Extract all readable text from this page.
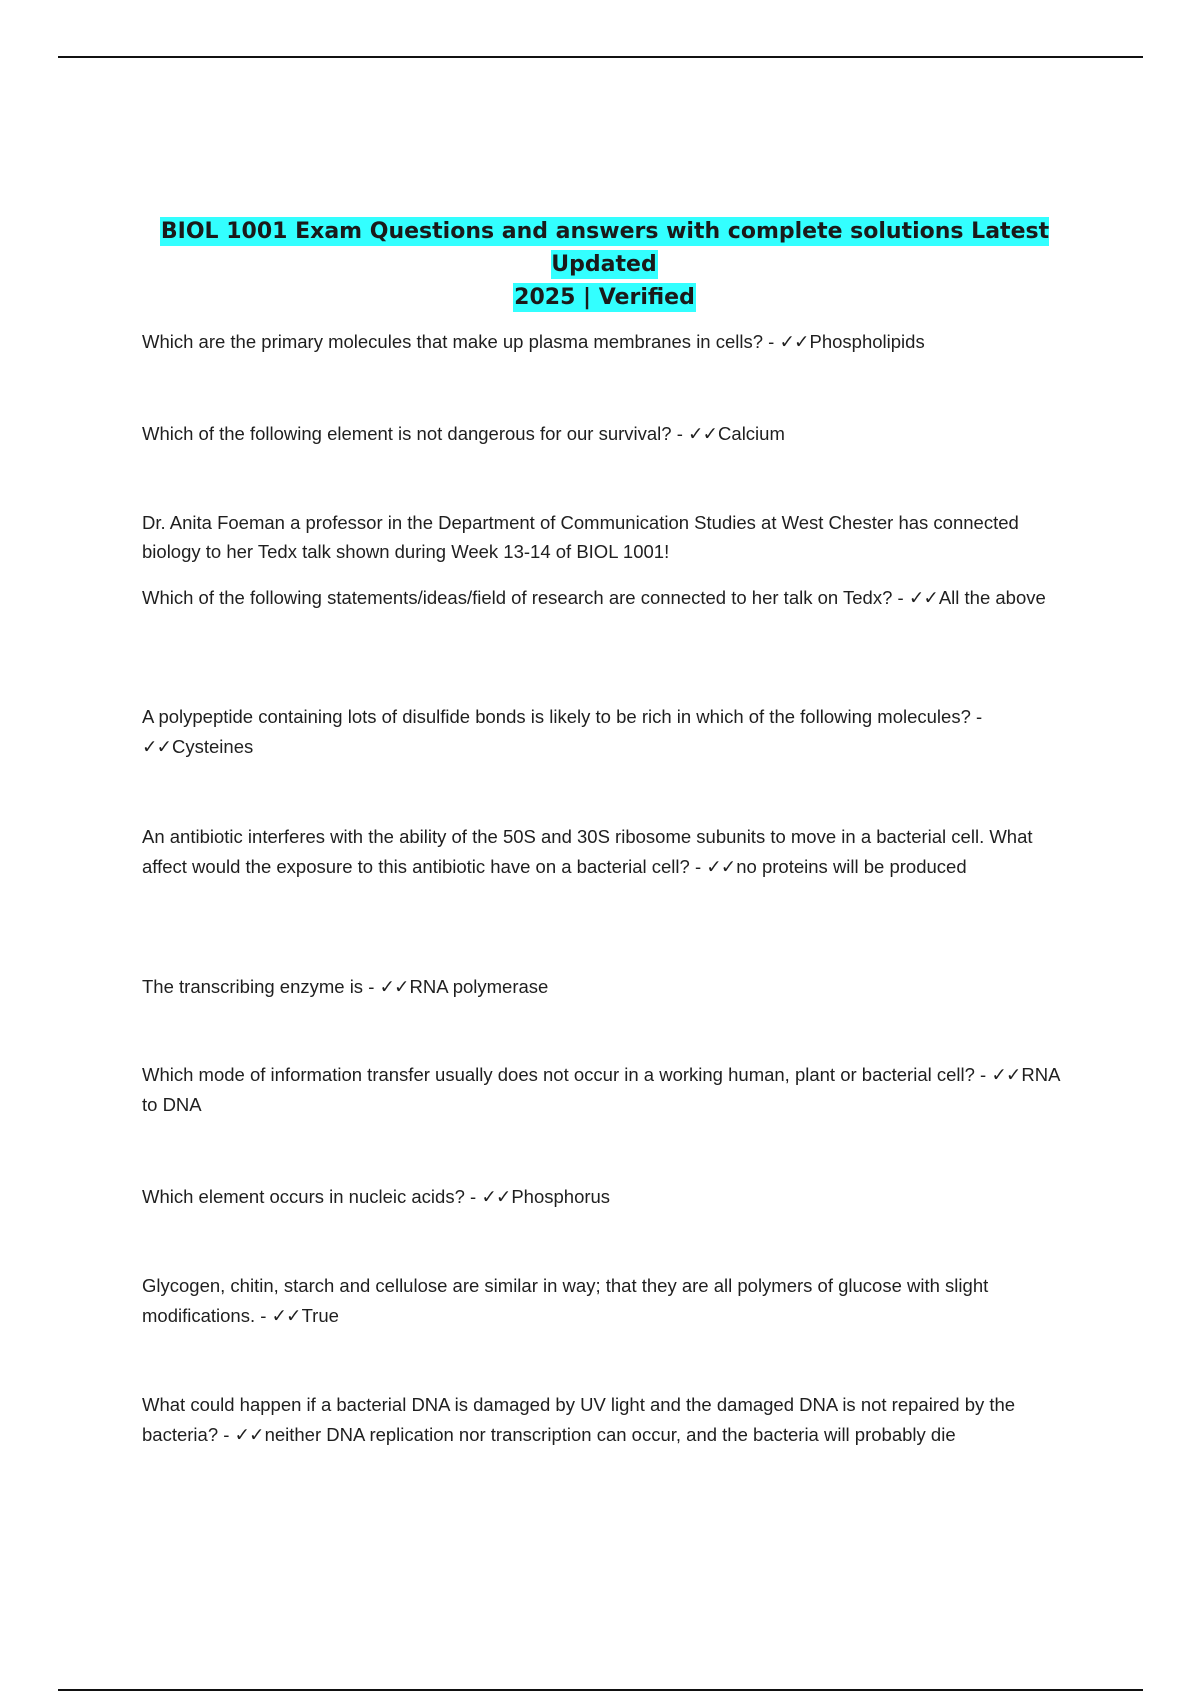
BIOL 1001 Exam Questions and answers with complete solutions Latest Updated
2025 | Verified
Which are the primary molecules that make up plasma membranes in cells? - ✓✓Phospholipids
Which of the following element is not dangerous for our survival? - ✓✓Calcium
Dr. Anita Foeman a professor in the Department of Communication Studies at West Chester has connected biology to her Tedx talk shown during Week 13-14 of BIOL 1001!
Which of the following statements/ideas/field of research are connected to her talk on Tedx? - ✓✓All the above
A polypeptide containing lots of disulfide bonds is likely to be rich in which of the following molecules? - ✓✓Cysteines
An antibiotic interferes with the ability of the 50S and 30S ribosome subunits to move in a bacterial cell. What affect would the exposure to this antibiotic have on a bacterial cell? - ✓✓no proteins will be produced
The transcribing enzyme is - ✓✓RNA polymerase
Which mode of information transfer usually does not occur in a working human, plant or bacterial cell? - ✓✓RNA to DNA
Which element occurs in nucleic acids? - ✓✓Phosphorus
Glycogen, chitin, starch and cellulose are similar in way; that they are all polymers of glucose with slight modifications. - ✓✓True
What could happen if a bacterial DNA is damaged by UV light and the damaged DNA is not repaired by the bacteria? - ✓✓neither DNA replication nor transcription can occur, and the bacteria will probably die
